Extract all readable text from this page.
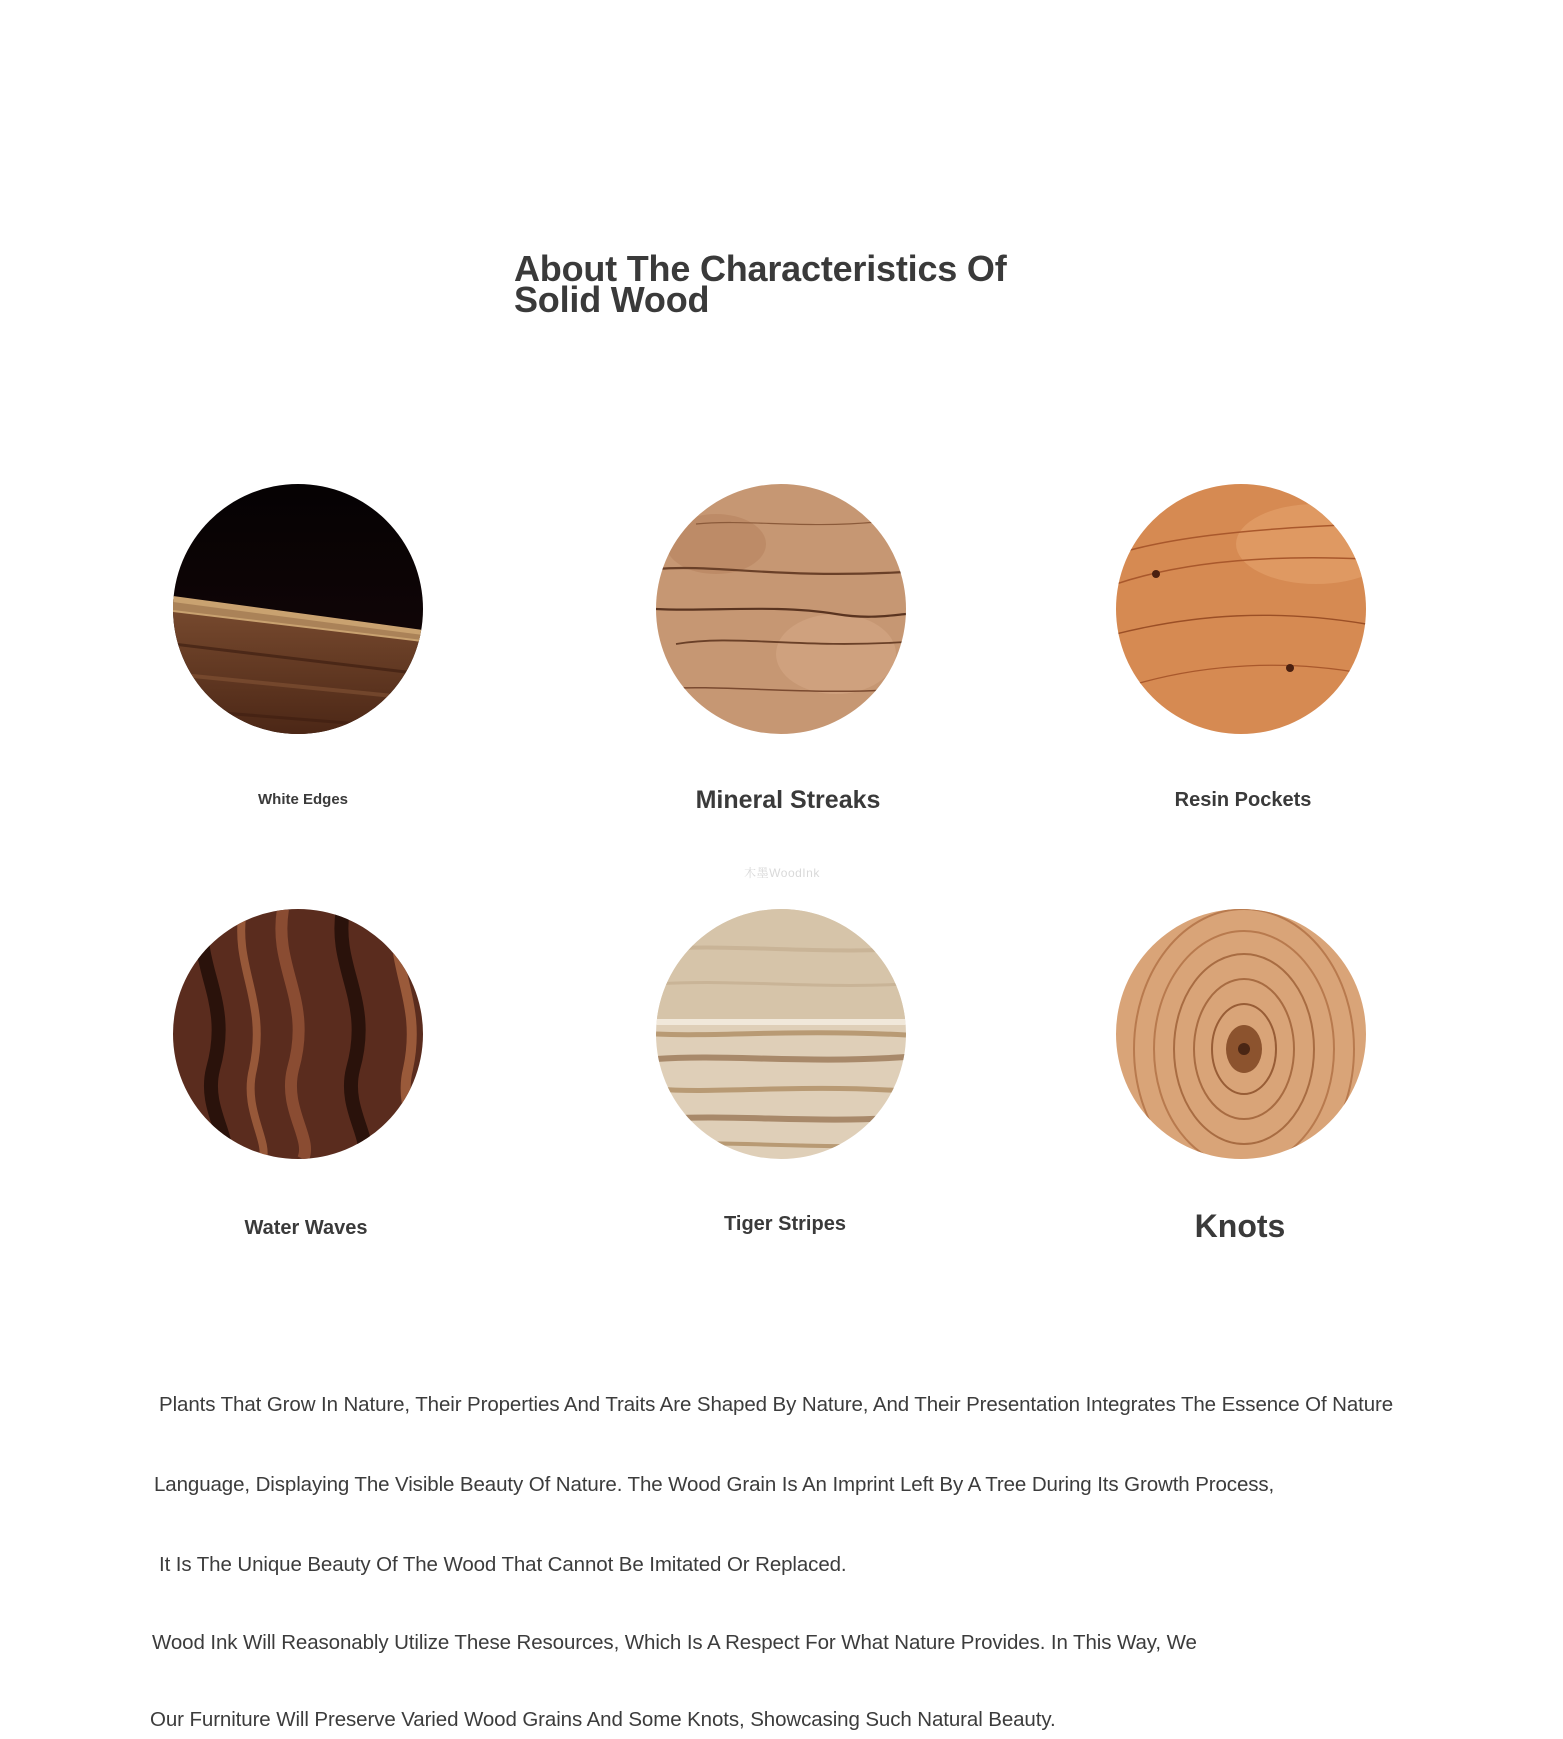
About The Characteristics Of Solid Wood
White Edges	Mineral Streaks	Resin Pockets
木墨WoodInk
Water Waves	Tiger Stripes	Knots

Plants That Grow In Nature, Their Properties And Traits Are Shaped By Nature, And Their Presentation Integrates The Essence Of Nature

Language, Displaying The Visible Beauty Of Nature. The Wood Grain Is An Imprint Left By A Tree During Its Growth Process,

It Is The Unique Beauty Of The Wood That Cannot Be Imitated Or Replaced.

Wood Ink Will Reasonably Utilize These Resources, Which Is A Respect For What Nature Provides. In This Way, We

Our Furniture Will Preserve Varied Wood Grains And Some Knots, Showcasing Such Natural Beauty.
